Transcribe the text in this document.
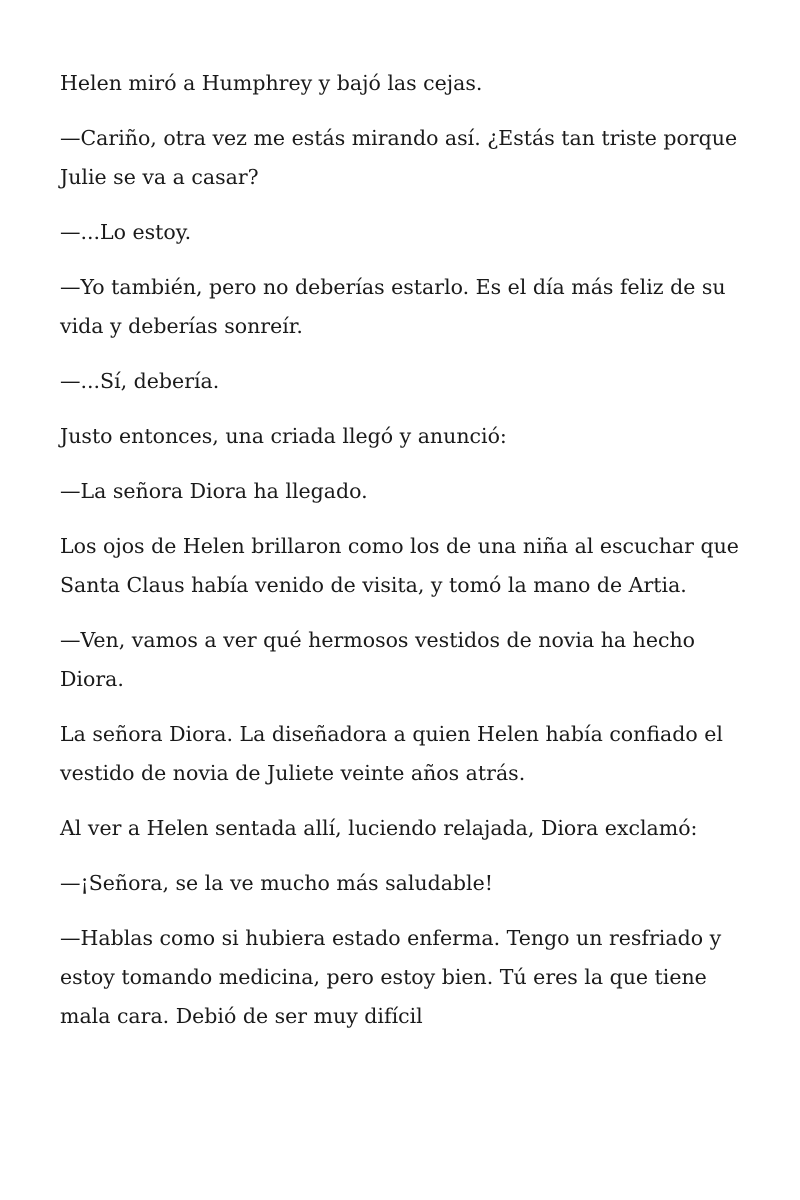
Helen miró a Humphrey y bajó las cejas.

—Cariño, otra vez me estás mirando así. ¿Estás tan triste porque Julie se va a casar?

—...Lo estoy.

—Yo también, pero no deberías estarlo. Es el día más feliz de su vida y deberías sonreír.

—...Sí, debería.

Justo entonces, una criada llegó y anunció:

—La señora Diora ha llegado.

Los ojos de Helen brillaron como los de una niña al escuchar que Santa Claus había venido de visita, y tomó la mano de Artia.

—Ven, vamos a ver qué hermosos vestidos de novia ha hecho Diora.

La señora Diora. La diseñadora a quien Helen había confiado el vestido de novia de Juliete veinte años atrás.

Al ver a Helen sentada allí, luciendo relajada, Diora exclamó:

—¡Señora, se la ve mucho más saludable!

—Hablas como si hubiera estado enferma. Tengo un resfriado y estoy tomando medicina, pero estoy bien. Tú eres la que tiene mala cara. Debió de ser muy difícil
